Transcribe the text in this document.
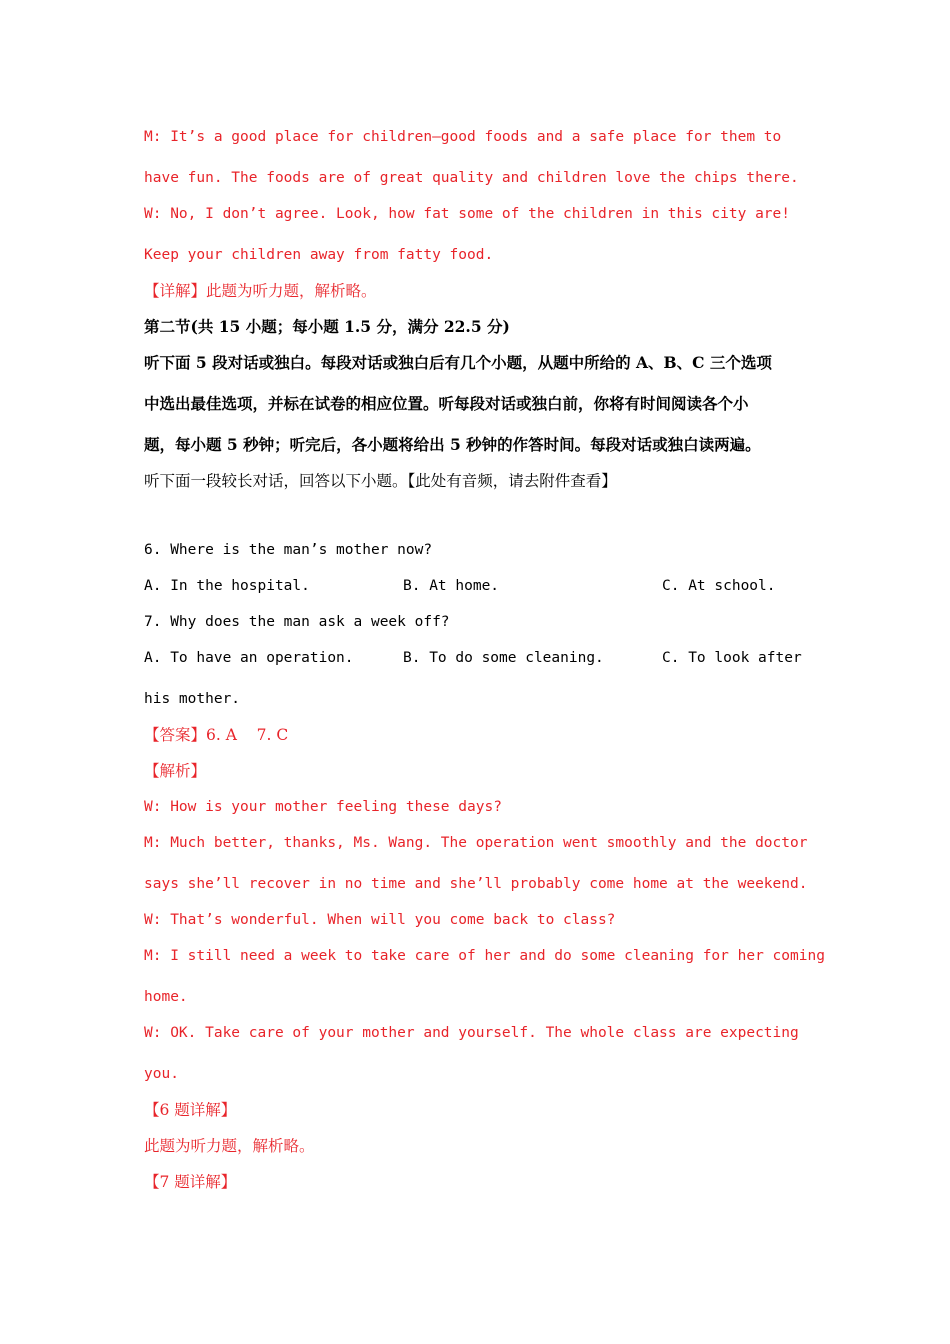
M: It’s a good place for children—good foods and a safe place for them to
have fun. The foods are of great quality and children love the chips there.
W: No, I don’t agree. Look, how fat some of the children in this city are!
Keep your children away from fatty food.
【详解】此题为听力题，解析略。
第二节(共 15 小题；每小题 1.5 分，满分 22.5 分)
听下面 5 段对话或独白。每段对话或独白后有几个小题，从题中所给的 A、B、C 三个选项
中选出最佳选项，并标在试卷的相应位置。听每段对话或独白前，你将有时间阅读各个小
题，每小题 5 秒钟；听完后，各小题将给出 5 秒钟的作答时间。每段对话或独白读两遍。
听下面一段较长对话，回答以下小题。【此处有音频，请去附件查看】
6. Where is the man’s mother now?
A. In the hospital.	B. At home.	C. At school.
7. Why does the man ask a week off?
A. To have an operation.	B. To do some cleaning.	C. To look after
his mother.
【答案】6. A    7. C
【解析】
W: How is your mother feeling these days?
M: Much better, thanks, Ms. Wang. The operation went smoothly and the doctor
says she’ll recover in no time and she’ll probably come home at the weekend.
W: That’s wonderful. When will you come back to class?
M: I still need a week to take care of her and do some cleaning for her coming
home.
W: OK. Take care of your mother and yourself. The whole class are expecting
you.
【6 题详解】
此题为听力题，解析略。
【7 题详解】
